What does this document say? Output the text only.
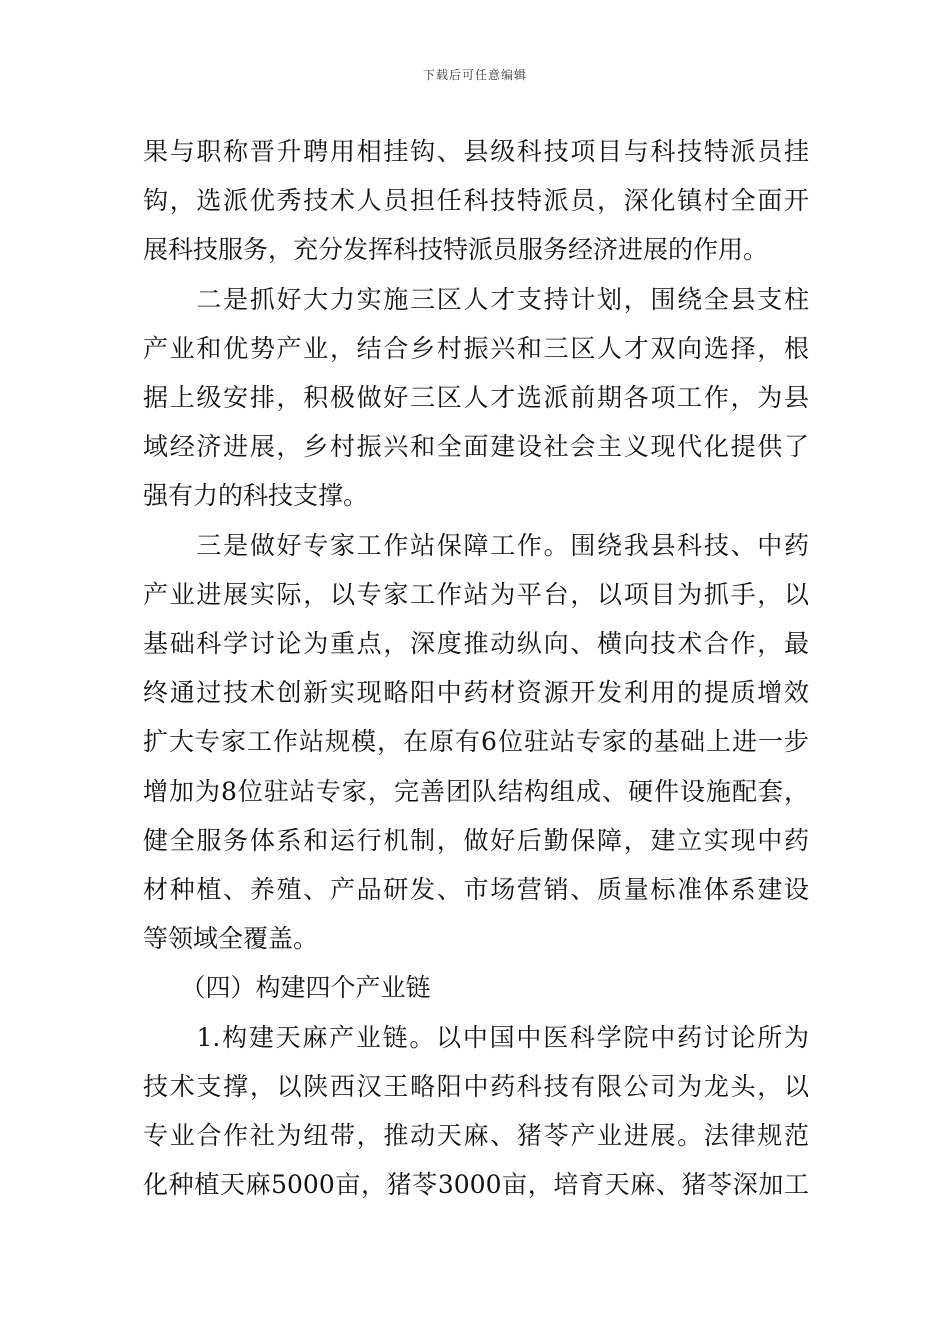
下载后可任意编辑
果与职称晋升聘用相挂钩、县级科技项目与科技特派员挂
钩，选派优秀技术人员担任科技特派员，深化镇村全面开
展科技服务，充分发挥科技特派员服务经济进展的作用。
　　二是抓好大力实施三区人才支持计划，围绕全县支柱
产业和优势产业，结合乡村振兴和三区人才双向选择，根
据上级安排，积极做好三区人才选派前期各项工作，为县
域经济进展，乡村振兴和全面建设社会主义现代化提供了
强有力的科技支撑。
　　三是做好专家工作站保障工作。围绕我县科技、中药
产业进展实际，以专家工作站为平台，以项目为抓手，以
基础科学讨论为重点，深度推动纵向、横向技术合作，最
终通过技术创新实现略阳中药材资源开发利用的提质增效
扩大专家工作站规模，在原有6位驻站专家的基础上进一步
增加为8位驻站专家，完善团队结构组成、硬件设施配套，
健全服务体系和运行机制，做好后勤保障，建立实现中药
材种植、养殖、产品研发、市场营销、质量标准体系建设
等领域全覆盖。
　　（四）构建四个产业链
　　1.构建天麻产业链。以中国中医科学院中药讨论所为
技术支撑，以陕西汉王略阳中药科技有限公司为龙头，以
专业合作社为纽带，推动天麻、猪苓产业进展。法律规范
化种植天麻5000亩，猪苓3000亩，培育天麻、猪苓深加工
